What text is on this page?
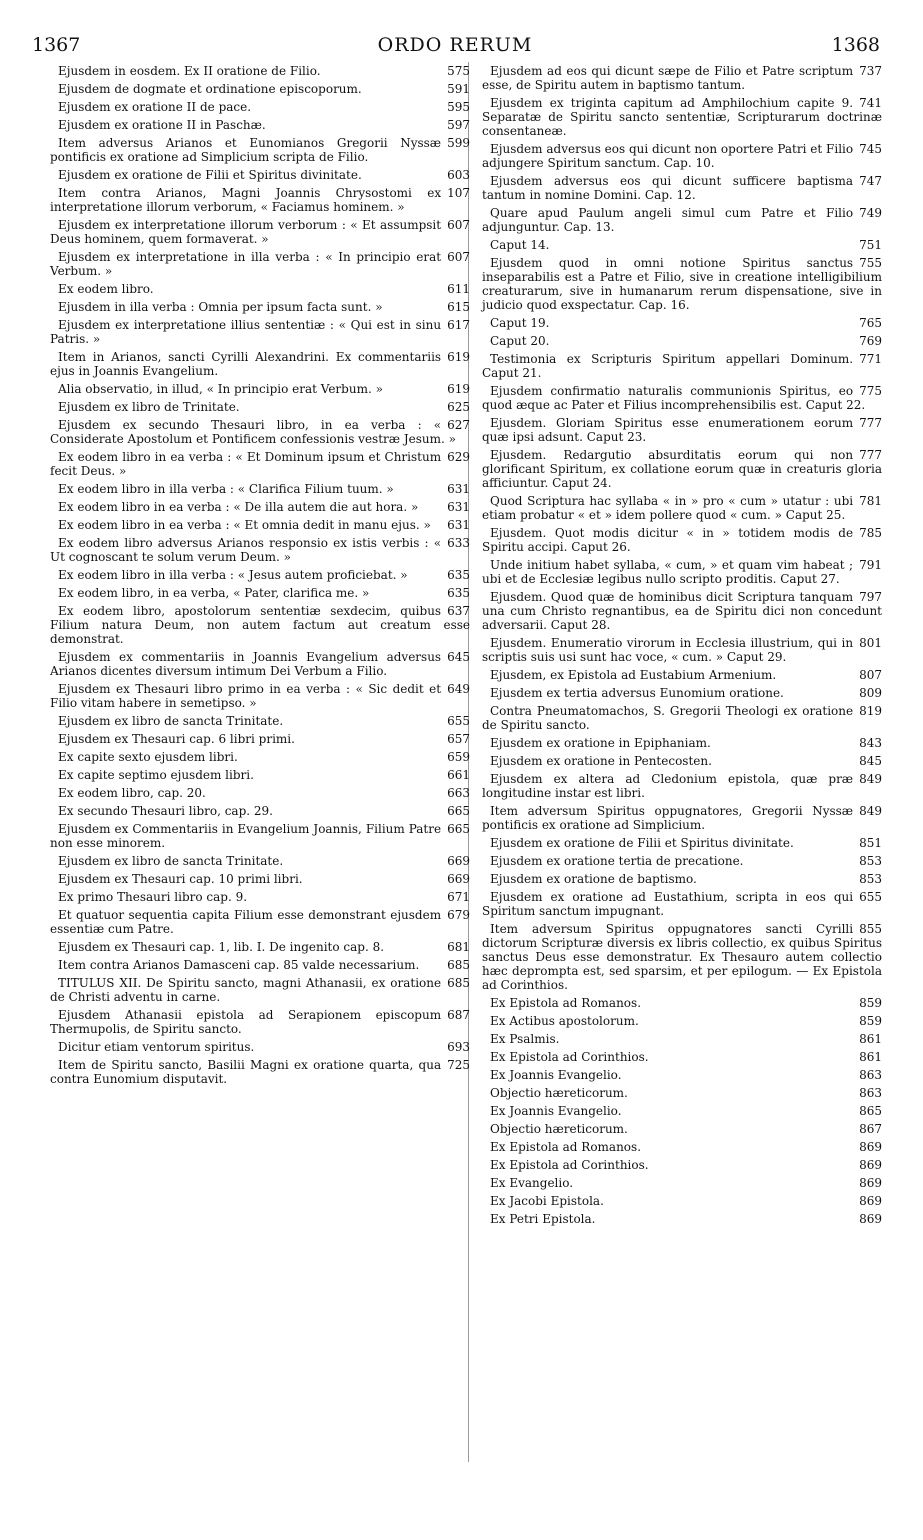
1367	ORDO RERUM	1368
575
Ejusdem in eosdem. Ex II oratione de Filio.
591
Ejusdem de dogmate et ordinatione episcoporum.
595
Ejusdem ex oratione II de pace.
597
Ejusdem ex oratione II in Paschæ.
599
Item adversus Arianos et Eunomianos Gregorii Nyssæ pontificis ex oratione ad Simplicium scripta de Filio.
603
Ejusdem ex oratione de Filii et Spiritus divinitate.
107
Item contra Arianos, Magni Joannis Chrysostomi ex interpretatione illorum verborum, « Faciamus hominem. »
607
Ejusdem ex interpretatione illorum verborum : « Et assumpsit Deus hominem, quem formaverat. »
607
Ejusdem ex interpretatione in illa verba : « In principio erat Verbum. »
611
Ex eodem libro.
615
Ejusdem in illa verba : Omnia per ipsum facta sunt. »
617
Ejusdem ex interpretatione illius sententiæ : « Qui est in sinu Patris. »
619
Item in Arianos, sancti Cyrilli Alexandrini. Ex commentariis ejus in Joannis Evangelium.
619
Alia observatio, in illud, « In principio erat Verbum. »
625
Ejusdem ex libro de Trinitate.
627
Ejusdem ex secundo Thesauri libro, in ea verba : « Considerate Apostolum et Pontificem confessionis vestræ Jesum. »
629
Ex eodem libro in ea verba : « Et Dominum ipsum et Christum fecit Deus. »
631
Ex eodem libro in illa verba : « Clarifica Filium tuum. »
631
Ex eodem libro in ea verba : « De illa autem die aut hora. »
631
Ex eodem libro in ea verba : « Et omnia dedit in manu ejus. »
633
Ex eodem libro adversus Arianos responsio ex istis verbis : « Ut cognoscant te solum verum Deum. »
635
Ex eodem libro in illa verba : « Jesus autem proficiebat. »
635
Ex eodem libro, in ea verba, « Pater, clarifica me. »
637
Ex eodem libro, apostolorum sententiæ sexdecim, quibus Filium natura Deum, non autem factum aut creatum esse demonstrat.
645
Ejusdem ex commentariis in Joannis Evangelium adversus Arianos dicentes diversum intimum Dei Verbum a Filio.
649
Ejusdem ex Thesauri libro primo in ea verba : « Sic dedit et Filio vitam habere in semetipso. »
655
Ejusdem ex libro de sancta Trinitate.
657
Ejusdem ex Thesauri cap. 6 libri primi.
659
Ex capite sexto ejusdem libri.
661
Ex capite septimo ejusdem libri.
663
Ex eodem libro, cap. 20.
665
Ex secundo Thesauri libro, cap. 29.
665
Ejusdem ex Commentariis in Evangelium Joannis, Filium Patre non esse minorem.
669
Ejusdem ex libro de sancta Trinitate.
669
Ejusdem ex Thesauri cap. 10 primi libri.
671
Ex primo Thesauri libro cap. 9.
679
Et quatuor sequentia capita Filium esse demonstrant ejusdem essentiæ cum Patre.
681
Ejusdem ex Thesauri cap. 1, lib. I. De ingenito cap. 8.
685
Item contra Arianos Damasceni cap. 85 valde necessarium.
685
TITULUS XII. De Spiritu sancto, magni Athanasii, ex oratione de Christi adventu in carne.
687
Ejusdem Athanasii epistola ad Serapionem episcopum Thermupolis, de Spiritu sancto.
693
Dicitur etiam ventorum spiritus.
725
Item de Spiritu sancto, Basilii Magni ex oratione quarta, qua contra Eunomium disputavit.
737
Ejusdem ad eos qui dicunt sæpe de Filio et Patre scriptum esse, de Spiritu autem in baptismo tantum.
741
Ejusdem ex triginta capitum ad Amphilochium capite 9. Separatæ de Spiritu sancto sententiæ, Scripturarum doctrinæ consentaneæ.
745
Ejusdem adversus eos qui dicunt non oportere Patri et Filio adjungere Spiritum sanctum. Cap. 10.
747
Ejusdem adversus eos qui dicunt sufficere baptisma tantum in nomine Domini. Cap. 12.
749
Quare apud Paulum angeli simul cum Patre et Filio adjunguntur. Cap. 13.
751
Caput 14.
755
Ejusdem quod in omni notione Spiritus sanctus inseparabilis est a Patre et Filio, sive in creatione intelligibilium creaturarum, sive in humanarum rerum dispensatione, sive in judicio quod exspectatur. Cap. 16.
765
Caput 19.
769
Caput 20.
771
Testimonia ex Scripturis Spiritum appellari Dominum. Caput 21.
775
Ejusdem confirmatio naturalis communionis Spiritus, eo quod æque ac Pater et Filius incomprehensibilis est. Caput 22.
777
Ejusdem. Gloriam Spiritus esse enumerationem eorum quæ ipsi adsunt. Caput 23.
777
Ejusdem. Redargutio absurditatis eorum qui non glorificant Spiritum, ex collatione eorum quæ in creaturis gloria afficiuntur. Caput 24.
781
Quod Scriptura hac syllaba « in » pro « cum » utatur : ubi etiam probatur « et » idem pollere quod « cum. » Caput 25.
785
Ejusdem. Quot modis dicitur « in » totidem modis de Spiritu accipi. Caput 26.
791
Unde initium habet syllaba, « cum, » et quam vim habeat ; ubi et de Ecclesiæ legibus nullo scripto proditis. Caput 27.
797
Ejusdem. Quod quæ de hominibus dicit Scriptura tanquam una cum Christo regnantibus, ea de Spiritu dici non concedunt adversarii. Caput 28.
801
Ejusdem. Enumeratio virorum in Ecclesia illustrium, qui in scriptis suis usi sunt hac voce, « cum. » Caput 29.
807
Ejusdem, ex Epistola ad Eustabium Armenium.
809
Ejusdem ex tertia adversus Eunomium oratione.
819
Contra Pneumatomachos, S. Gregorii Theologi ex oratione de Spiritu sancto.
843
Ejusdem ex oratione in Epiphaniam.
845
Ejusdem ex oratione in Pentecosten.
849
Ejusdem ex altera ad Cledonium epistola, quæ præ longitudine instar est libri.
849
Item adversum Spiritus oppugnatores, Gregorii Nyssæ pontificis ex oratione ad Simplicium.
851
Ejusdem ex oratione de Filii et Spiritus divinitate.
853
Ejusdem ex oratione tertia de precatione.
853
Ejusdem ex oratione de baptismo.
655
Ejusdem ex oratione ad Eustathium, scripta in eos qui Spiritum sanctum impugnant.
855
Item adversum Spiritus oppugnatores sancti Cyrilli dictorum Scripturæ diversis ex libris collectio, ex quibus Spiritus sanctus Deus esse demonstratur. Ex Thesauro autem collectio hæc deprompta est, sed sparsim, et per epilogum. — Ex Epistola ad Corinthios.
859
Ex Epistola ad Romanos.
859
Ex Actibus apostolorum.
861
Ex Psalmis.
861
Ex Epistola ad Corinthios.
863
Ex Joannis Evangelio.
863
Objectio hæreticorum.
865
Ex Joannis Evangelio.
867
Objectio hæreticorum.
869
Ex Epistola ad Romanos.
869
Ex Epistola ad Corinthios.
869
Ex Evangelio.
869
Ex Jacobi Epistola.
869
Ex Petri Epistola.
